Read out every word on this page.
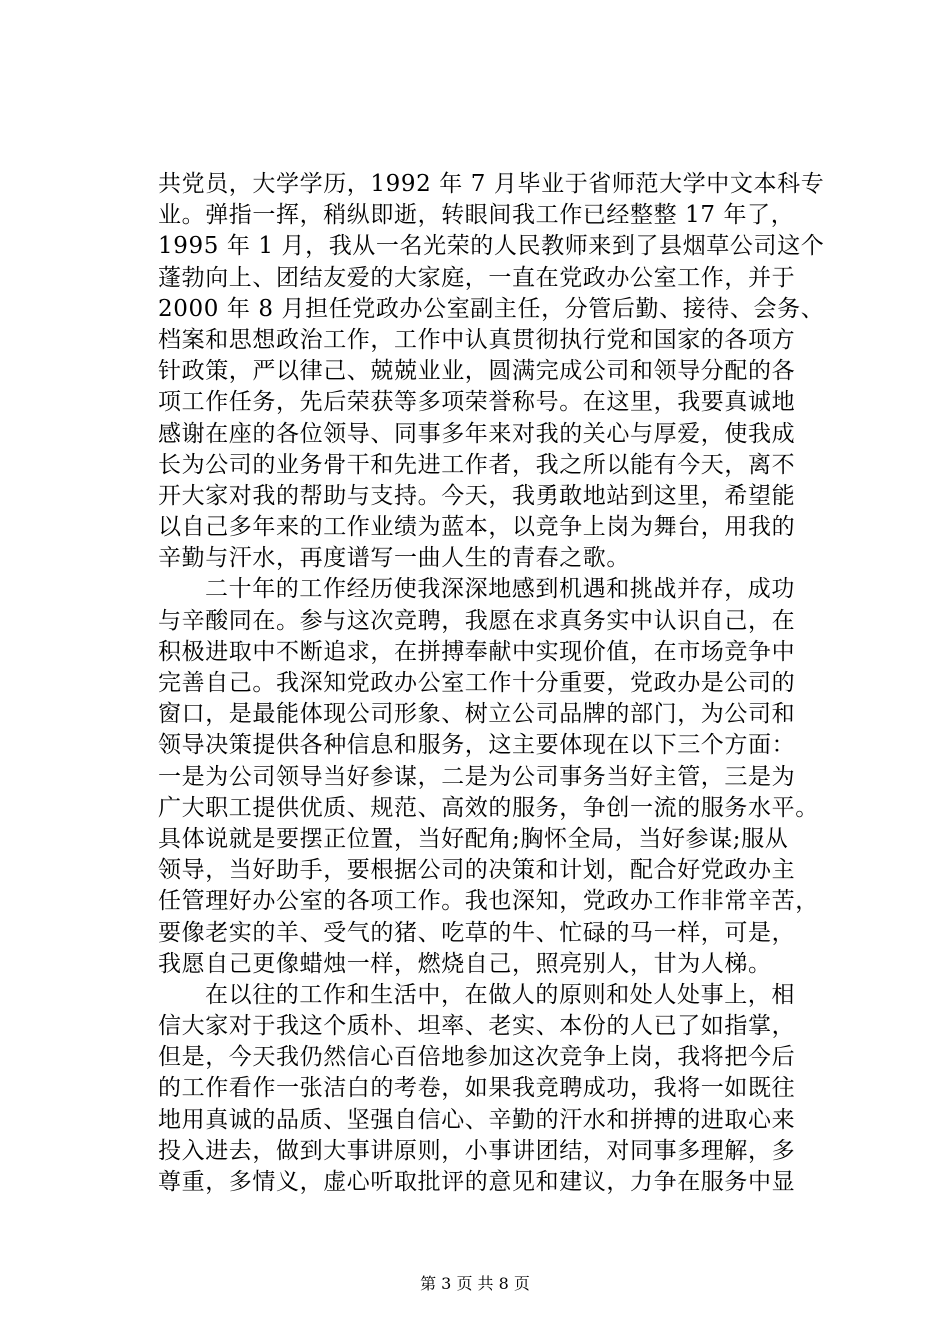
共党员，大学学历，1992 年 7 月毕业于省师范大学中文本科专
业。弹指一挥，稍纵即逝，转眼间我工作已经整整 17 年了，
1995 年 1 月，我从一名光荣的人民教师来到了县烟草公司这个
蓬勃向上、团结友爱的大家庭，一直在党政办公室工作，并于
2000 年 8 月担任党政办公室副主任，分管后勤、接待、会务、
档案和思想政治工作，工作中认真贯彻执行党和国家的各项方
针政策，严以律己、兢兢业业，圆满完成公司和领导分配的各
项工作任务，先后荣获等多项荣誉称号。在这里，我要真诚地
感谢在座的各位领导、同事多年来对我的关心与厚爱，使我成
长为公司的业务骨干和先进工作者，我之所以能有今天，离不
开大家对我的帮助与支持。今天，我勇敢地站到这里，希望能
以自己多年来的工作业绩为蓝本，以竞争上岗为舞台，用我的
辛勤与汗水，再度谱写一曲人生的青春之歌。
二十年的工作经历使我深深地感到机遇和挑战并存，成功
与辛酸同在。参与这次竞聘，我愿在求真务实中认识自己，在
积极进取中不断追求，在拼搏奉献中实现价值，在市场竞争中
完善自己。我深知党政办公室工作十分重要，党政办是公司的
窗口，是最能体现公司形象、树立公司品牌的部门，为公司和
领导决策提供各种信息和服务，这主要体现在以下三个方面：
一是为公司领导当好参谋，二是为公司事务当好主管，三是为
广大职工提供优质、规范、高效的服务，争创一流的服务水平。
具体说就是要摆正位置，当好配角;胸怀全局，当好参谋;服从
领导，当好助手，要根据公司的决策和计划，配合好党政办主
任管理好办公室的各项工作。我也深知，党政办工作非常辛苦，
要像老实的羊、受气的猪、吃草的牛、忙碌的马一样，可是，
我愿自己更像蜡烛一样，燃烧自己，照亮别人，甘为人梯。
在以往的工作和生活中，在做人的原则和处人处事上，相
信大家对于我这个质朴、坦率、老实、本份的人已了如指掌，
但是，今天我仍然信心百倍地参加这次竞争上岗，我将把今后
的工作看作一张洁白的考卷，如果我竞聘成功，我将一如既往
地用真诚的品质、坚强自信心、辛勤的汗水和拼搏的进取心来
投入进去，做到大事讲原则，小事讲团结，对同事多理解，多
尊重，多情义，虚心听取批评的意见和建议，力争在服务中显
第 3 页 共 8 页
